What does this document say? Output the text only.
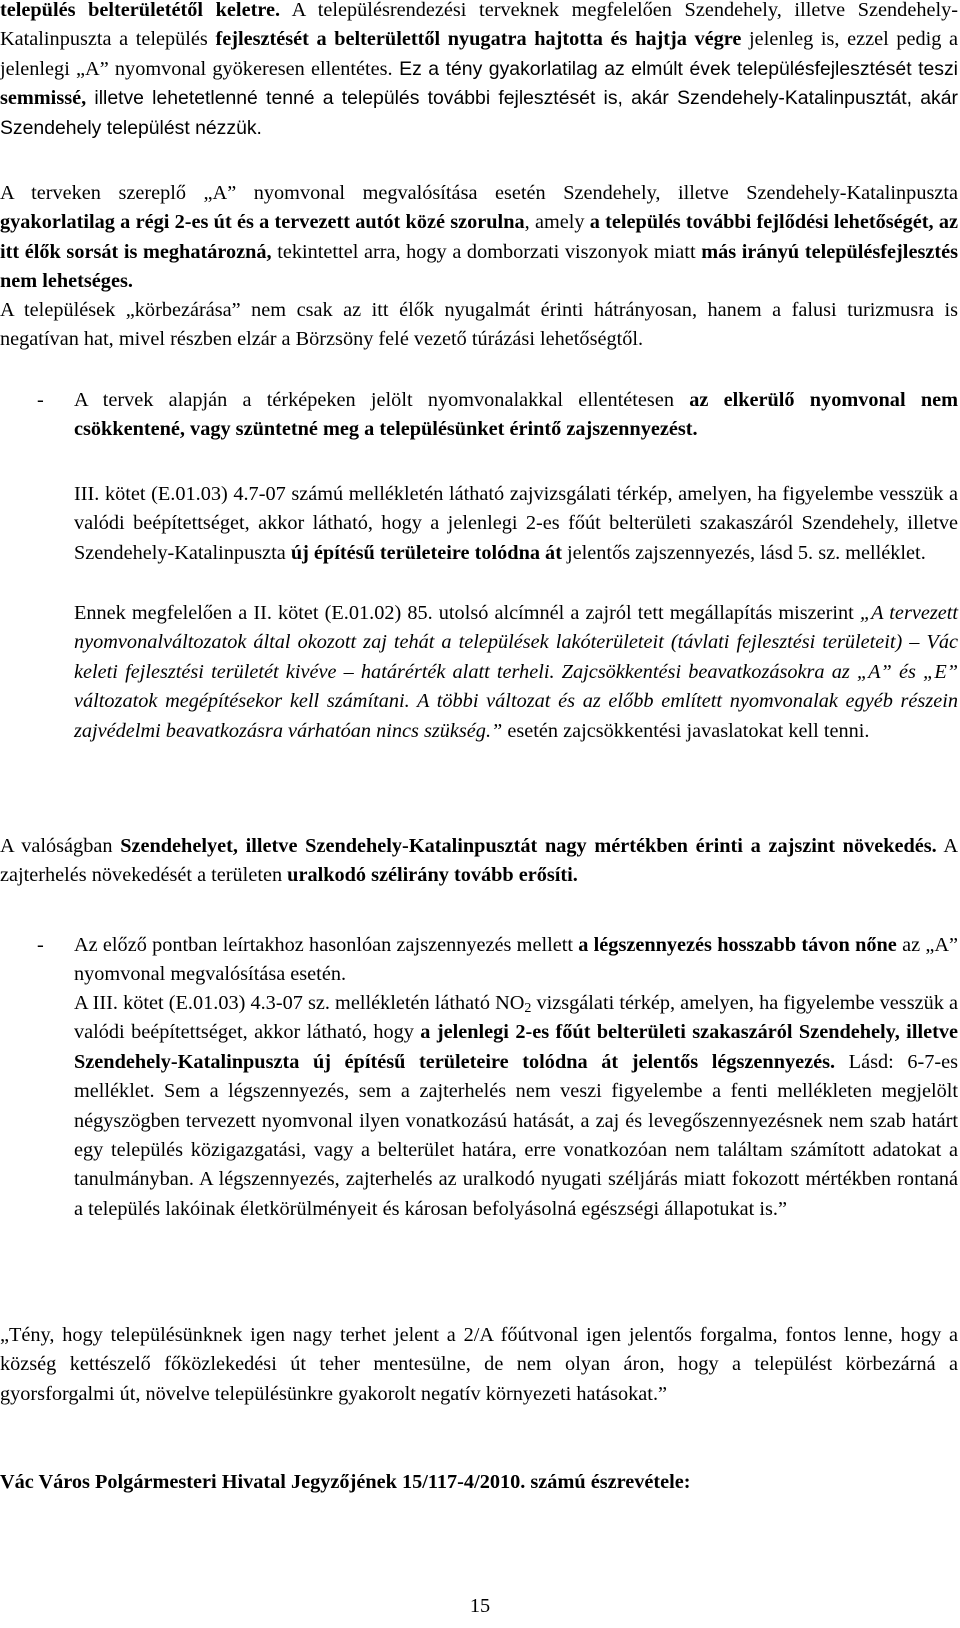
település belterületétől keletre. A településrendezési terveknek megfelelően Szendehely, illetve Szendehely-Katalinpuszta a település fejlesztését a belterülettől nyugatra hajtotta és hajtja végre jelenleg is, ezzel pedig a jelenlegi „A” nyomvonal gyökeresen ellentétes. Ez a tény gyakorlatilag az elmúlt évek településfejlesztését teszi semmissé, illetve lehetetlenné tenné a település további fejlesztését is, akár Szendehely-Katalinpusztát, akár Szendehely települést nézzük.

A terveken szereplő „A” nyomvonal megvalósítása esetén Szendehely, illetve Szendehely-Katalinpuszta gyakorlatilag a régi 2-es út és a tervezett autót közé szorulna, amely a település további fejlődési lehetőségét, az itt élők sorsát is meghatározná, tekintettel arra, hogy a domborzati viszonyok miatt más irányú településfejlesztés nem lehetséges.

A települések „körbezárása” nem csak az itt élők nyugalmát érinti hátrányosan, hanem a falusi turizmusra is negatívan hat, mivel részben elzár a Börzsöny felé vezető túrázási lehetőségtől.

- A tervek alapján a térképeken jelölt nyomvonalakkal ellentétesen az elkerülő nyomvonal nem csökkentené, vagy szüntetné meg a településünket érintő zajszennyezést.

III. kötet (E.01.03) 4.7-07 számú mellékletén látható zajvizsgálati térkép, amelyen, ha figyelembe vesszük a valódi beépítettséget, akkor látható, hogy a jelenlegi 2-es főút belterületi szakaszáról Szendehely, illetve Szendehely-Katalinpuszta új építésű területeire tolódna át jelentős zajszennyezés, lásd 5. sz. melléklet.

Ennek megfelelően a II. kötet (E.01.02) 85. utolsó alcímnél a zajról tett megállapítás miszerint „A tervezett nyomvonalváltozatok által okozott zaj tehát a települések lakóterületeit (távlati fejlesztési területeit) – Vác keleti fejlesztési területét kivéve – határérték alatt terheli. Zajcsökkentési beavatkozásokra az „A” és „E” változatok megépítésekor kell számítani. A többi változat és az előbb említett nyomvonalak egyéb részein zajvédelmi beavatkozásra várhatóan nincs szükség.” esetén zajcsökkentési javaslatokat kell tenni.

A valóságban Szendehelyet, illetve Szendehely-Katalinpusztát nagy mértékben érinti a zajszint növekedés. A zajterhelés növekedését a területen uralkodó szélirány tovább erősíti.

- Az előző pontban leírtakhoz hasonlóan zajszennyezés mellett a légszennyezés hosszabb távon nőne az „A” nyomvonal megvalósítása esetén.

A III. kötet (E.01.03) 4.3-07 sz. mellékletén látható $NO_2$ vizsgálati térkép, amelyen, ha figyelembe vesszük a valódi beépítettséget, akkor látható, hogy a jelenlegi 2-es főút belterületi szakaszáról Szendehely, illetve Szendehely-Katalinpuszta új építésű területeire tolódna át jelentős légszennyezés. Lásd: 6-7-es melléklet. Sem a légszennyezés, sem a zajterhelés nem veszi figyelembe a fenti mellékleten megjelölt négyszögben tervezett nyomvonal ilyen vonatkozású hatását, a zaj és levegőszennyezésnek nem szab határt egy település közigazgatási, vagy a belterület határa, erre vonatkozóan nem találtam számított adatokat a tanulmányban. A légszennyezés, zajterhelés az uralkodó nyugati széljárás miatt fokozott mértékben rontaná a település lakóinak életkörülményeit és károsan befolyásolná egészségi állapotukat is.”

„Tény, hogy településünknek igen nagy terhet jelent a 2/A főútvonal igen jelentős forgalma, fontos lenne, hogy a község kettészelő főközlekedési út teher mentesülne, de nem olyan áron, hogy a települést körbezárná a gyorsforgalmi út, növelve településünkre gyakorolt negatív környezeti hatásokat.”

Vác Város Polgármesteri Hivatal Jegyzőjének 15/117-4/2010. számú észrevétele:

15
